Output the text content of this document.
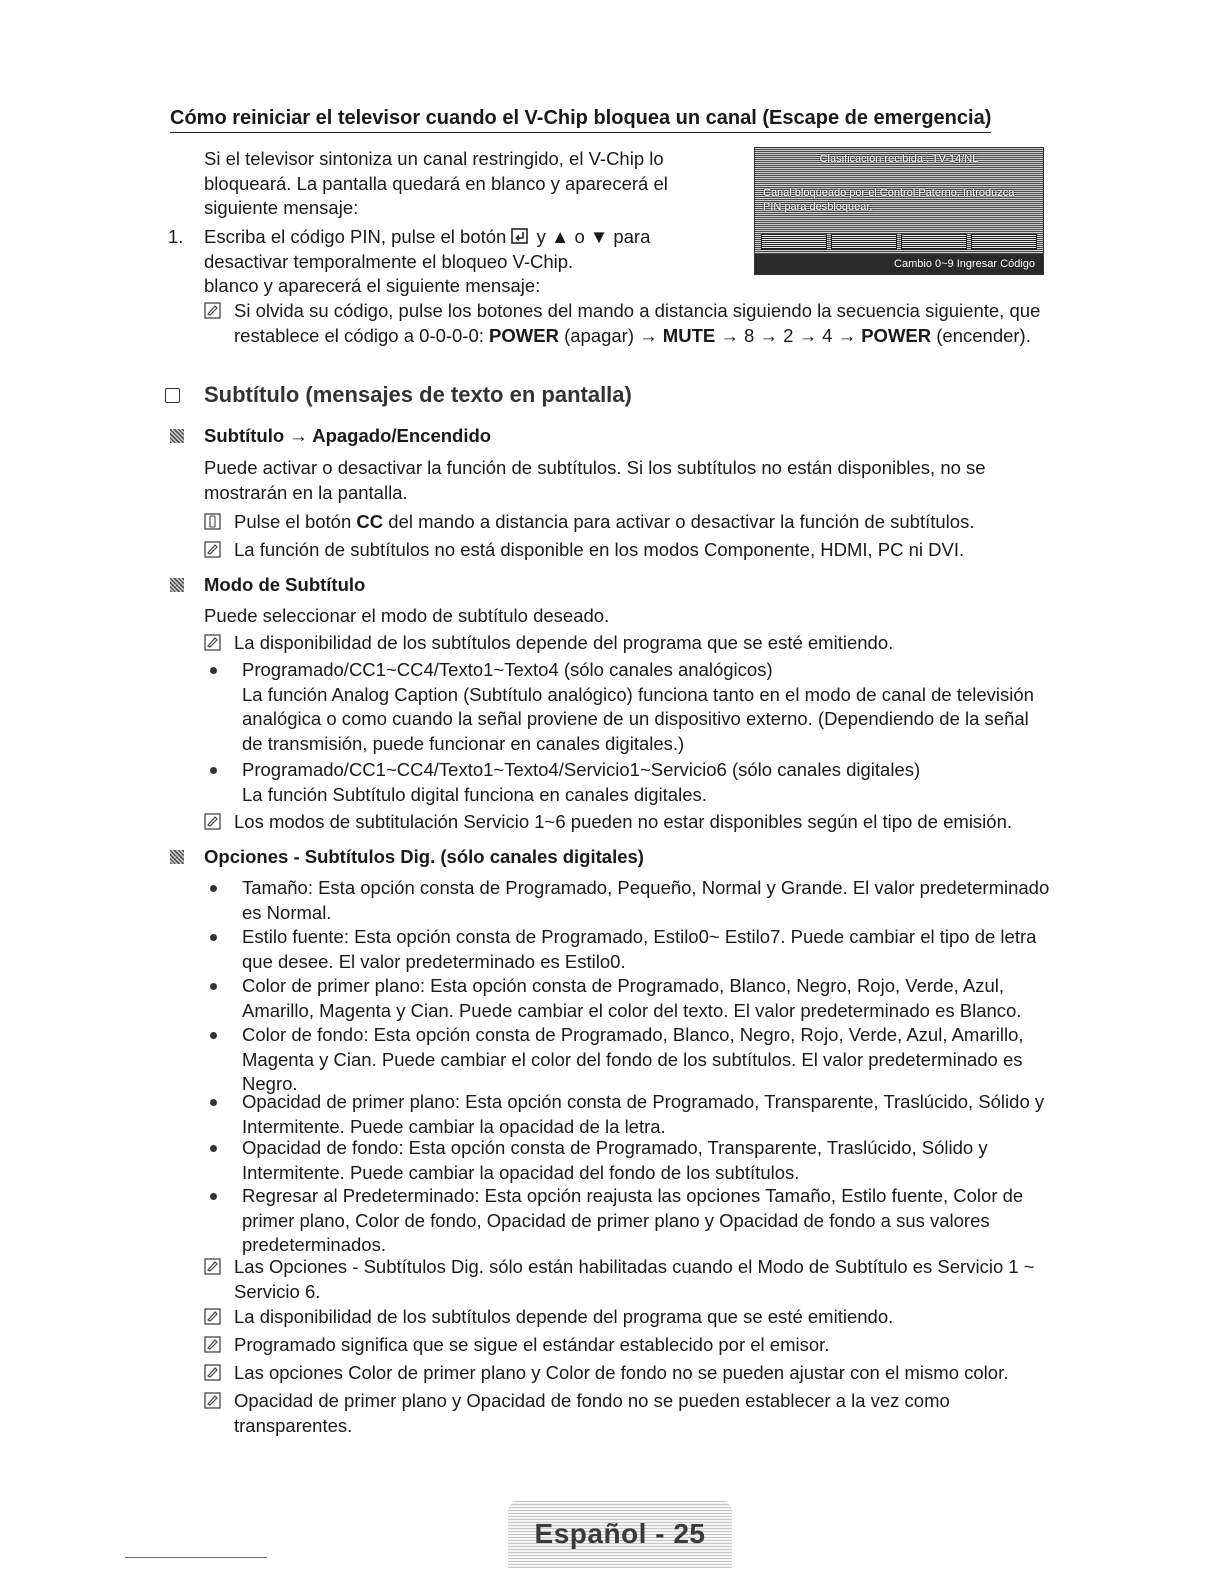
Cómo reiniciar el televisor cuando el V-Chip bloquea un canal (Escape de emergencia)
Si el televisor sintoniza un canal restringido, el V-Chip lo bloqueará. La pantalla quedará en blanco y aparecerá el siguiente mensaje:
1. Escriba el código PIN, pulse el botón y ▲ o ▼ para desactivar temporalmente el bloqueo V-Chip.
blanco y aparecerá el siguiente mensaje:
Si olvida su código, pulse los botones del mando a distancia siguiendo la secuencia siguiente, que restablece el código a 0-0-0-0: POWER (apagar) → MUTE → 8 → 2 → 4 → POWER (encender).
Clasificación recibida : TV-14/NL
Canal bloqueado por el Control Paterno. Introduzca PIN para desbloquear.
Cambio 0~9 Ingresar Código
Subtítulo (mensajes de texto en pantalla)
Subtítulo → Apagado/Encendido
Puede activar o desactivar la función de subtítulos. Si los subtítulos no están disponibles, no se mostrarán en la pantalla.
Pulse el botón CC del mando a distancia para activar o desactivar la función de subtítulos.
La función de subtítulos no está disponible en los modos Componente, HDMI, PC ni DVI.
Modo de Subtítulo
Puede seleccionar el modo de subtítulo deseado.
La disponibilidad de los subtítulos depende del programa que se esté emitiendo.
Programado/CC1~CC4/Texto1~Texto4 (sólo canales analógicos)
La función Analog Caption (Subtítulo analógico) funciona tanto en el modo de canal de televisión analógica o como cuando la señal proviene de un dispositivo externo. (Dependiendo de la señal de transmisión, puede funcionar en canales digitales.)
Programado/CC1~CC4/Texto1~Texto4/Servicio1~Servicio6 (sólo canales digitales)
La función Subtítulo digital funciona en canales digitales.
Los modos de subtitulación Servicio 1~6 pueden no estar disponibles según el tipo de emisión.
Opciones - Subtítulos Dig. (sólo canales digitales)
Tamaño: Esta opción consta de Programado, Pequeño, Normal y Grande. El valor predeterminado es Normal.
Estilo fuente: Esta opción consta de Programado, Estilo0~ Estilo7. Puede cambiar el tipo de letra que desee. El valor predeterminado es Estilo0.
Color de primer plano: Esta opción consta de Programado, Blanco, Negro, Rojo, Verde, Azul, Amarillo, Magenta y Cian. Puede cambiar el color del texto. El valor predeterminado es Blanco.
Color de fondo: Esta opción consta de Programado, Blanco, Negro, Rojo, Verde, Azul, Amarillo, Magenta y Cian. Puede cambiar el color del fondo de los subtítulos. El valor predeterminado es Negro.
Opacidad de primer plano: Esta opción consta de Programado, Transparente, Traslúcido, Sólido y Intermitente. Puede cambiar la opacidad de la letra.
Opacidad de fondo: Esta opción consta de Programado, Transparente, Traslúcido, Sólido y Intermitente. Puede cambiar la opacidad del fondo de los subtítulos.
Regresar al Predeterminado: Esta opción reajusta las opciones Tamaño, Estilo fuente, Color de primer plano, Color de fondo, Opacidad de primer plano y Opacidad de fondo a sus valores predeterminados.
Las Opciones - Subtítulos Dig. sólo están habilitadas cuando el Modo de Subtítulo es Servicio 1 ~ Servicio 6.
La disponibilidad de los subtítulos depende del programa que se esté emitiendo.
Programado significa que se sigue el estándar establecido por el emisor.
Las opciones Color de primer plano y Color de fondo no se pueden ajustar con el mismo color.
Opacidad de primer plano y Opacidad de fondo no se pueden establecer a la vez como transparentes.
Español - 25
